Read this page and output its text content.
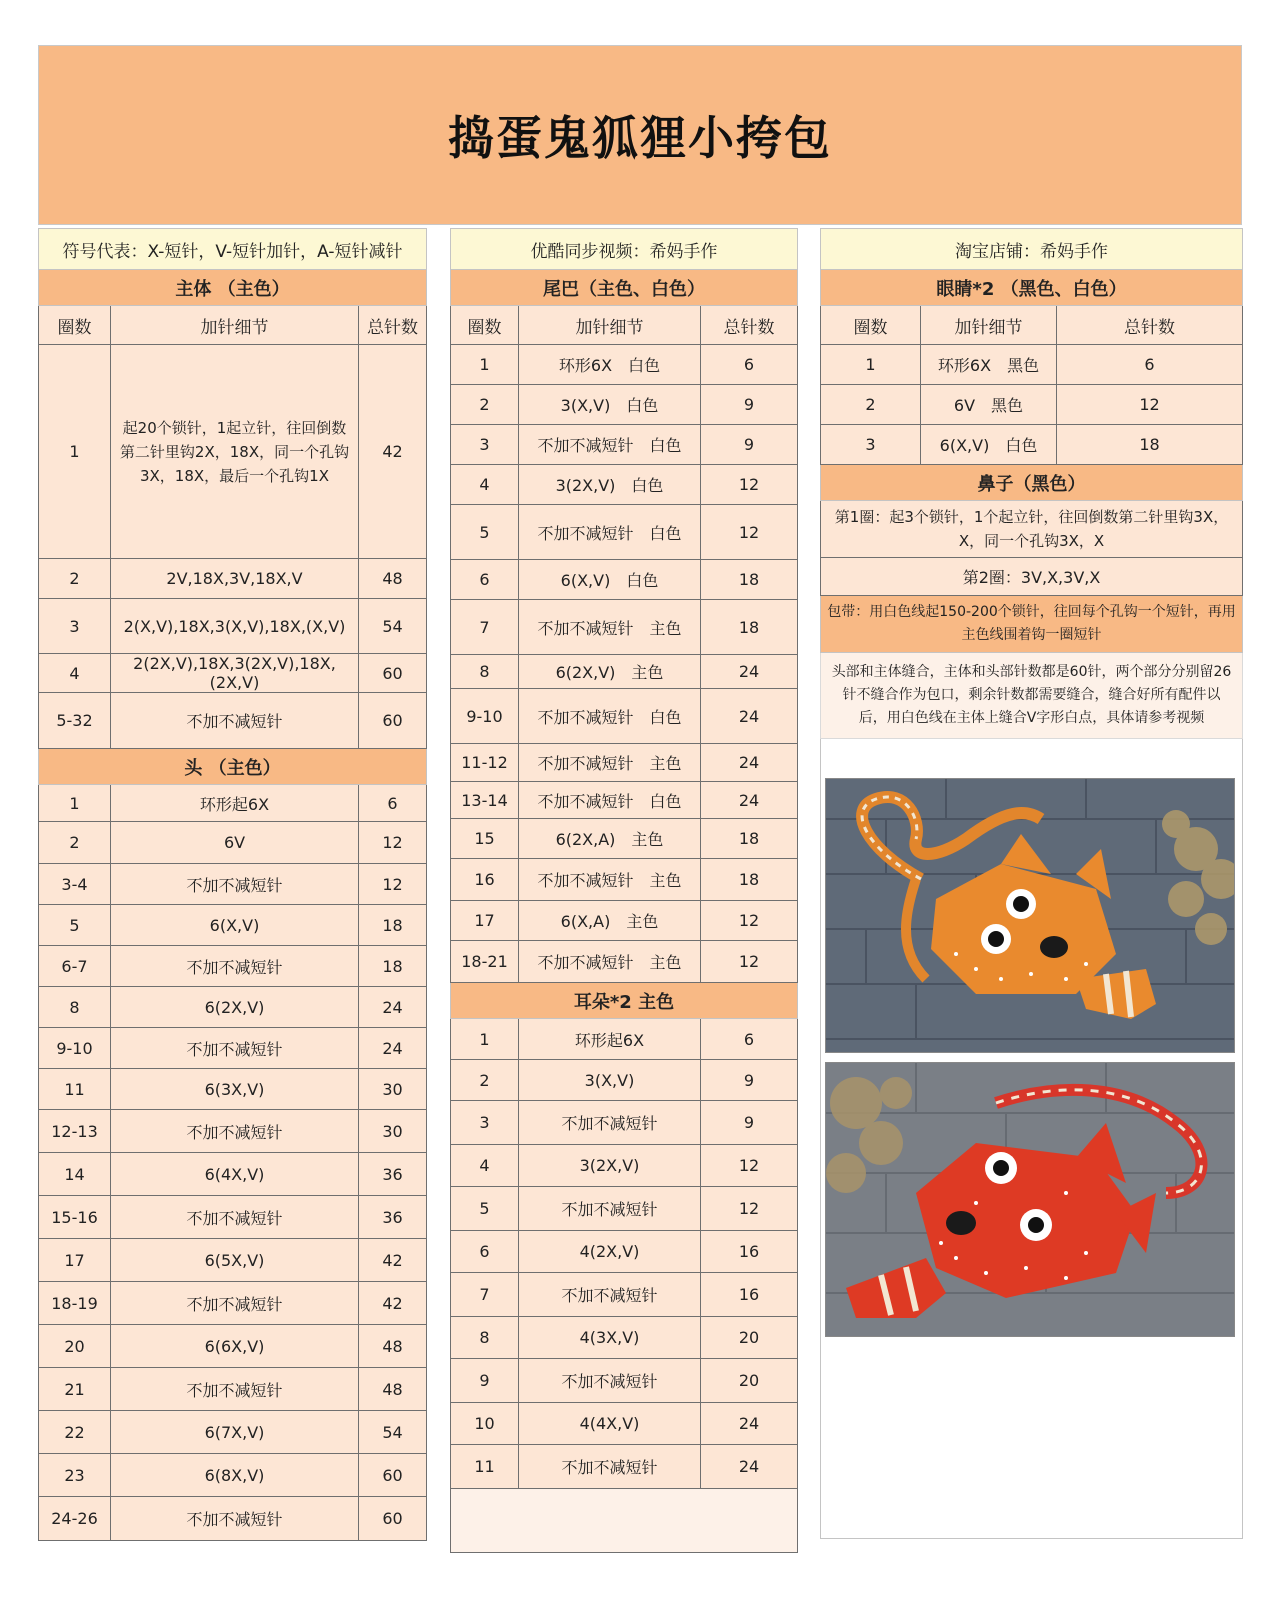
捣蛋鬼狐狸小挎包
符号代表：X-短针，V-短针加针，A-短针减针		
主体 （主色）		
圈数	加针细节	总针数
1	起20个锁针，1起立针，往回倒数第二针里钩2X，18X，同一个孔钩3X，18X，最后一个孔钩1X	42
2	2V,18X,3V,18X,V	48
3	2(X,V),18X,3(X,V),18X,(X,V)	54
4	2(2X,V),18X,3(2X,V),18X,(2X,V)	60
5-32	不加不减短针	60
头 （主色）		
1	环形起6X	6
2	6V	12
3-4	不加不减短针	12
5	6(X,V)	18
6-7	不加不减短针	18
8	6(2X,V)	24
9-10	不加不减短针	24
11	6(3X,V)	30
12-13	不加不减短针	30
14	6(4X,V)	36
15-16	不加不减短针	36
17	6(5X,V)	42
18-19	不加不减短针	42
20	6(6X,V)	48
21	不加不减短针	48
22	6(7X,V)	54
23	6(8X,V)	60
24-26	不加不减短针	60
优酷同步视频：希妈手作		
尾巴（主色、白色）		
圈数	加针细节	总针数
1	环形6X　白色	6
2	3(X,V)　白色	9
3	不加不减短针　白色	9
4	3(2X,V)　白色	12
5	不加不减短针　白色	12
6	6(X,V)　白色	18
7	不加不减短针　主色	18
8	6(2X,V)　主色	24
9-10	不加不减短针　白色	24
11-12	不加不减短针　主色	24
13-14	不加不减短针　白色	24
15	6(2X,A)　主色	18
16	不加不减短针　主色	18
17	6(X,A)　主色	12
18-21	不加不减短针　主色	12
耳朵*2 主色		
1	环形起6X	6
2	3(X,V)	9
3	不加不减短针	9
4	3(2X,V)	12
5	不加不减短针	12
6	4(2X,V)	16
7	不加不减短针	16
8	4(3X,V)	20
9	不加不减短针	20
10	4(4X,V)	24
11	不加不减短针	24

淘宝店铺：希妈手作		
眼睛*2 （黑色、白色）		
圈数	加针细节	总针数
1	环形6X　黑色	6
2	6V　黑色	12
3	6(X,V)　白色	18
鼻子（黑色）		
第1圈：起3个锁针，1个起立针，往回倒数第二针里钩3X，X，同一个孔钩3X，X		
第2圈：3V,X,3V,X		
包带：用白色线起150-200个锁针，往回每个孔钩一个短针，再用主色线围着钩一圈短针		
头部和主体缝合，主体和头部针数都是60针，两个部分分别留26针不缝合作为包口，剩余针数都需要缝合，缝合好所有配件以后，用白色线在主体上缝合V字形白点，具体请参考视频		
